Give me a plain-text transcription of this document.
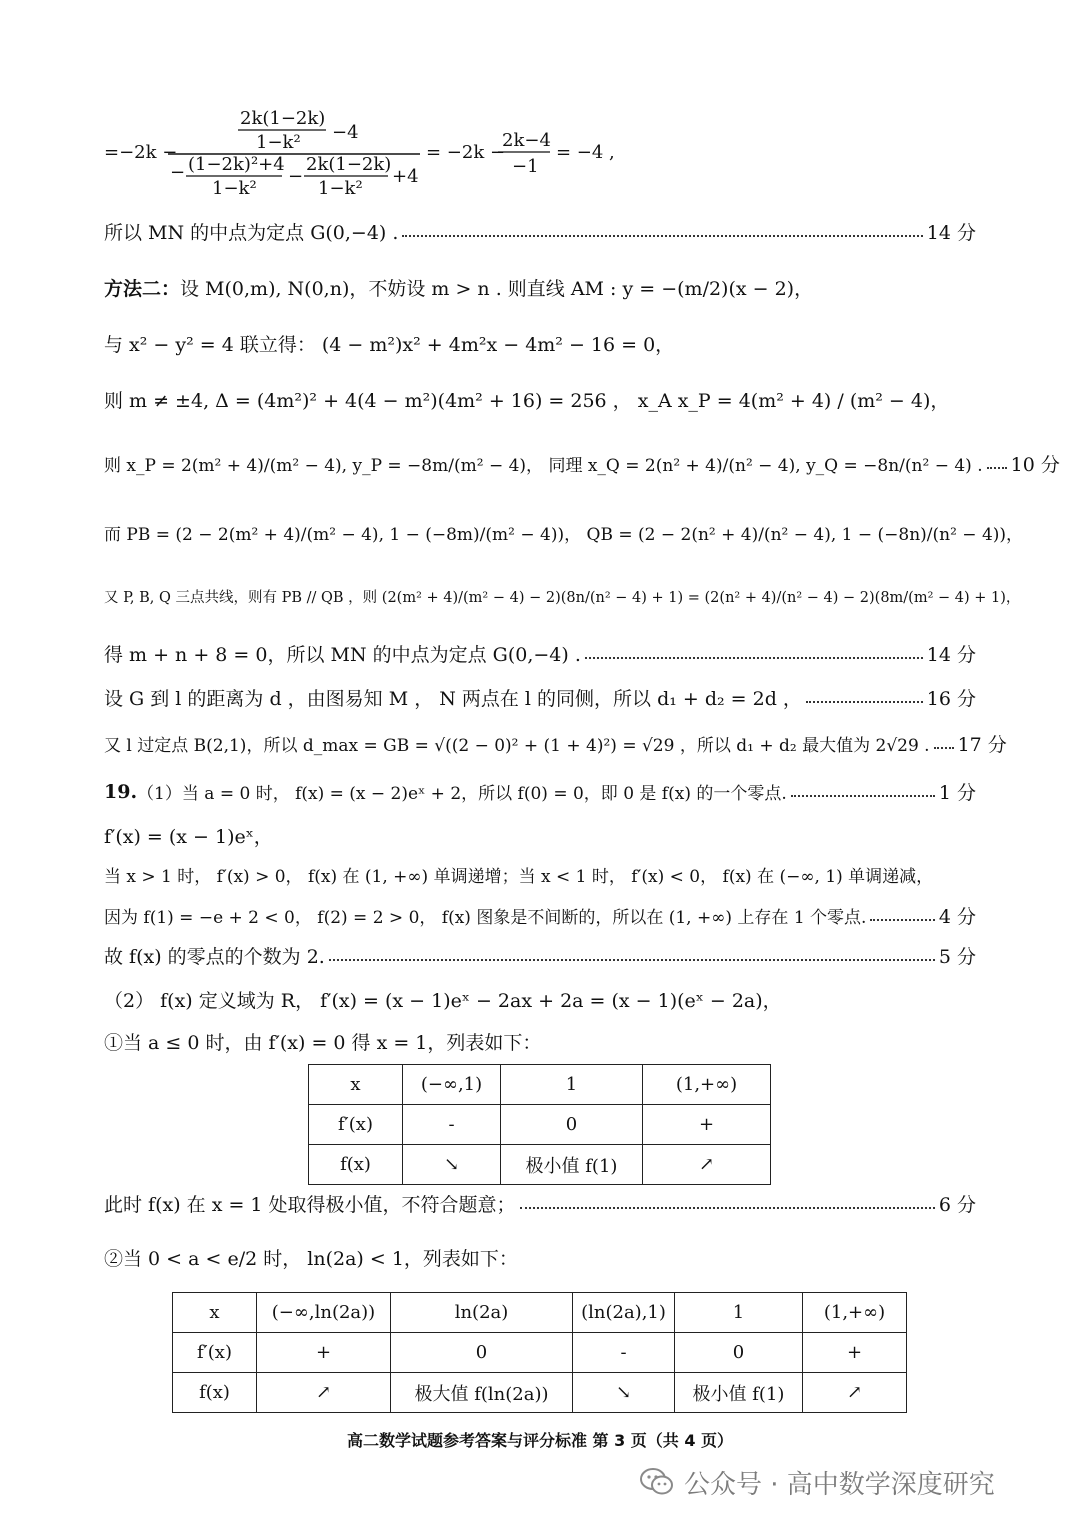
=−2k −
2k(1−2k)
1−k² −4
− (1−2k)²+4
1−k²
−
2k(1−2k)
1−k²
+4
= −2k −
2k−4
−1
= −4 ,
所以 MN 的中点为定点 G(0,−4) .	14 分
方法二： 设 M(0,m), N(0,n)，不妨设 m > n . 则直线 AM : y = −(m/2)(x − 2)，
与 x² − y² = 4 联立得： (4 − m²)x² + 4m²x − 4m² − 16 = 0，
则 m ≠ ±4, Δ = (4m²)² + 4(4 − m²)(4m² + 16) = 256 ， x_A x_P = 4(m² + 4) / (m² − 4)，
则 x_P = 2(m² + 4)/(m² − 4), y_P = −8m/(m² − 4)， 同理 x_Q = 2(n² + 4)/(n² − 4), y_Q = −8n/(n² − 4) . 10 分
而 PB = (2 − 2(m² + 4)/(m² − 4), 1 − (−8m)/(m² − 4))， QB = (2 − 2(n² + 4)/(n² − 4), 1 − (−8n)/(n² − 4))，
又 P, B, Q 三点共线，则有 PB // QB ，则 (2(m² + 4)/(m² − 4) − 2)(8n/(n² − 4) + 1) = (2(n² + 4)/(n² − 4) − 2)(8m/(m² − 4) + 1)，
得 m + n + 8 = 0，所以 MN 的中点为定点 G(0,−4) .	14 分
设 G 到 l 的距离为 d ，由图易知 M ， N 两点在 l 的同侧，所以 d₁ + d₂ = 2d ，	16 分
又 l 过定点 B(2,1)，所以 d_max = GB = √((2 − 0)² + (1 + 4)²) = √29 ，所以 d₁ + d₂ 最大值为 2√29 . 17 分
19. （1）当 a = 0 时， f(x) = (x − 2)eˣ + 2，所以 f(0) = 0，即 0 是 f(x) 的一个零点.	1 分
f′(x) = (x − 1)eˣ，
当 x > 1 时， f′(x) > 0， f(x) 在 (1, +∞) 单调递增；当 x < 1 时， f′(x) < 0， f(x) 在 (−∞, 1) 单调递减，
因为 f(1) = −e + 2 < 0， f(2) = 2 > 0， f(x) 图象是不间断的，所以在 (1, +∞) 上存在 1 个零点.	4 分
故 f(x) 的零点的个数为 2.	5 分
（2） f(x) 定义域为 R， f′(x) = (x − 1)eˣ − 2ax + 2a = (x − 1)(eˣ − 2a)，
①当 a ≤ 0 时，由 f′(x) = 0 得 x = 1，列表如下：
x	(−∞,1)	1	(1,+∞)
f′(x)	-	0	+
f(x)	↘	极小值 f(1)	↗
此时 f(x) 在 x = 1 处取得极小值，不符合题意；	6 分
②当 0 < a < e/2 时， ln(2a) < 1，列表如下：
x	(−∞,ln(2a))	ln(2a)	(ln(2a),1)	1	(1,+∞)
f′(x)	+	0	-	0	+
f(x)	↗	极大值 f(ln(2a))	↘	极小值 f(1)	↗
高二数学试题参考答案与评分标准 第 3 页（共 4 页）
公众号 · 高中数学深度研究
